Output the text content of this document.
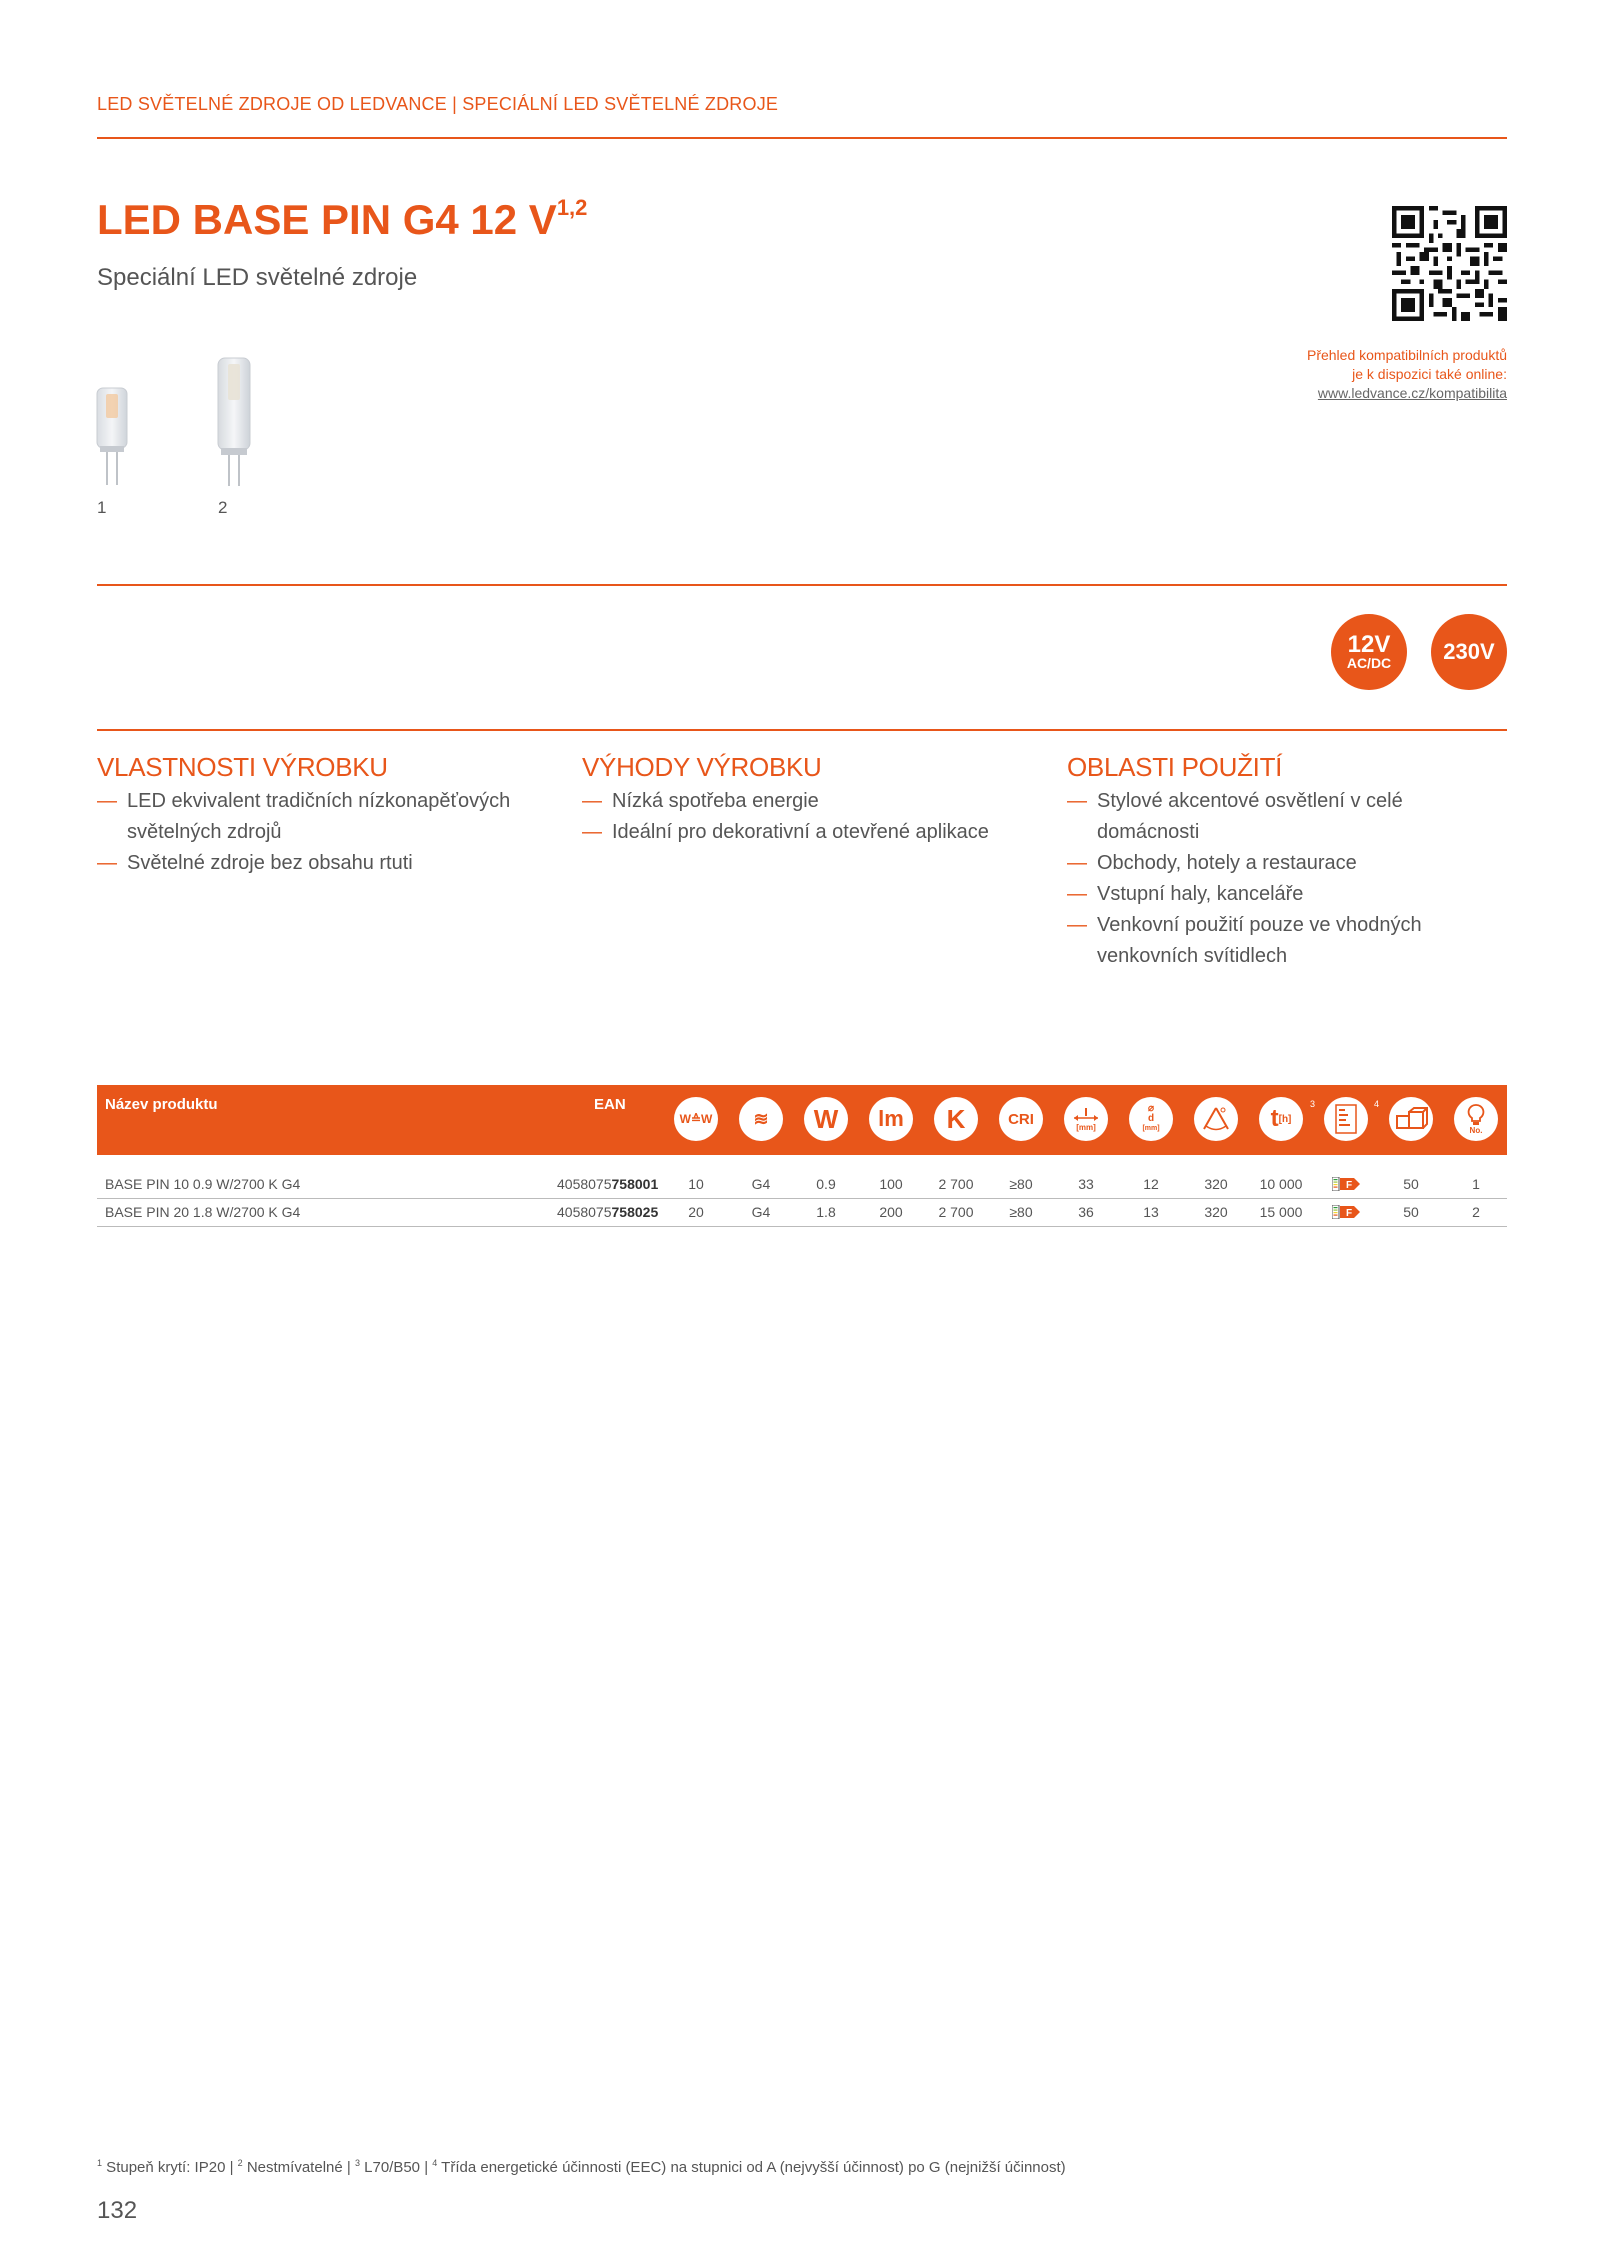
LED SVĚTELNÉ ZDROJE OD LEDVANCE | SPECIÁLNÍ LED SVĚTELNÉ ZDROJE
LED BASE PIN G4 12 V$^{1,2}$
Speciální LED světelné zdroje
Přehled kompatibilních produktů
je k dispozici také online:
www.ledvance.cz/kompatibilita
1	2
12V
AC/DC	230V
VLASTNOSTI VÝROBKU
— LED ekvivalent tradičních nízkonapěťových světelných zdrojů
— Světelné zdroje bez obsahu rtuti
VÝHODY VÝROBKU
— Nízká spotřeba energie
— Ideální pro dekorativní a otevřené aplikace
OBLASTI POUŽITÍ
— Stylové akcentové osvětlení v celé domácnosti
— Obchody, hotely a restaurace
— Vstupní haly, kanceláře
— Venkovní použití pouze ve vhodných venkovních svítidlech
Název produktu	EAN
W≙W ≋ W lm K	CRI	[mm]
⌀
d
[mm]	t [h]
3	4
No.
BASE PIN 10 0.9 W/2700 K G4	4058075758001	10	G4	0.9	100	2 700	≥80	33	12	320	10 000	F	50	1
BASE PIN 20 1.8 W/2700 K G4	4058075758025	20	G4	1.8	200	2 700	≥80	36	13	320	15 000	F	50	2
$^1$ Stupeň krytí: IP20 | $^2$ Nestmívatelné | $^3$ L70/B50 | $^4$ Třída energetické účinnosti (EEC) na stupnici od A (nejvyšší účinnost) po G (nejnižší účinnost)
132
